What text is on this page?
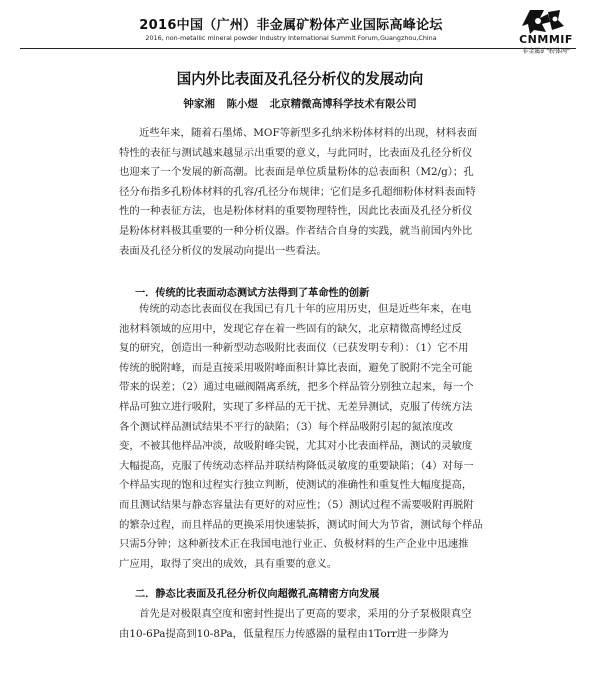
2016中国（广州）非金属矿粉体产业国际高峰论坛
2016, non-metallic mineral powder Industry International Summit Forum,Guangzhou,China	CNMMIF
非金属矿"粉体网"
国内外比表面及孔径分析仪的发展动向
钟家湘 陈小煜 北京精微高博科学技术有限公司
近些年来，随着石墨烯、MOF等新型多孔纳米粉体材料的出现，材料表面
特性的表征与测试越来越显示出重要的意义，与此同时，比表面及孔径分析仪
也迎来了一个发展的新高潮。比表面是单位质量粉体的总表面积（M2/g）；孔
径分布指多孔粉体材料的孔容/孔径分布规律；它们是多孔超细粉体材料表面特
性的一种表征方法，也是粉体材料的重要物理特性，因此比表面及孔径分析仪
是粉体材料极其重要的一种分析仪器。作者结合自身的实践，就当前国内外比
表面及孔径分析仪的发展动向提出一些看法。
一．传统的比表面动态测试方法得到了革命性的创新
传统的动态比表面仪在我国已有几十年的应用历史，但是近些年来，在电
池材料领域的应用中，发现它存在着一些固有的缺欠，北京精微高博经过反
复的研究，创造出一种新型动态吸附比表面仪（已获发明专利）：（1）它不用
传统的脱附峰，而是直接采用吸附峰面积计算比表面，避免了脱附不完全可能
带来的误差；（2）通过电磁阀隔离系统，把多个样品管分别独立起来，每一个
样品可独立进行吸附，实现了多样品的无干扰、无差异测试，克服了传统方法
各个测试样品测试结果不平行的缺陷；（3）每个样品吸附引起的氮浓度改
变，不被其他样品冲淡，故吸附峰尖锐，尤其对小比表面样品，测试的灵敏度
大幅提高，克服了传统动态样品并联结构降低灵敏度的重要缺陷；（4）对每一
个样品实现的饱和过程实行独立判断，使测试的准确性和重复性大幅度提高，
而且测试结果与静态容量法有更好的对应性；（5）测试过程不需要吸附再脱附
的繁杂过程，而且样品的更换采用快速装拆，测试时间大为节省，测试每个样品
只需5分钟；这种新技术正在我国电池行业正、负极材料的生产企业中迅速推
广应用，取得了突出的成效，具有重要的意义。
二．静态比表面及孔径分析仪向超微孔高精密方向发展
首先是对极限真空度和密封性提出了更高的要求，采用的分子泵极限真空
由10-6Pa提高到10-8Pa，低量程压力传感器的量程由1Torr进一步降为
